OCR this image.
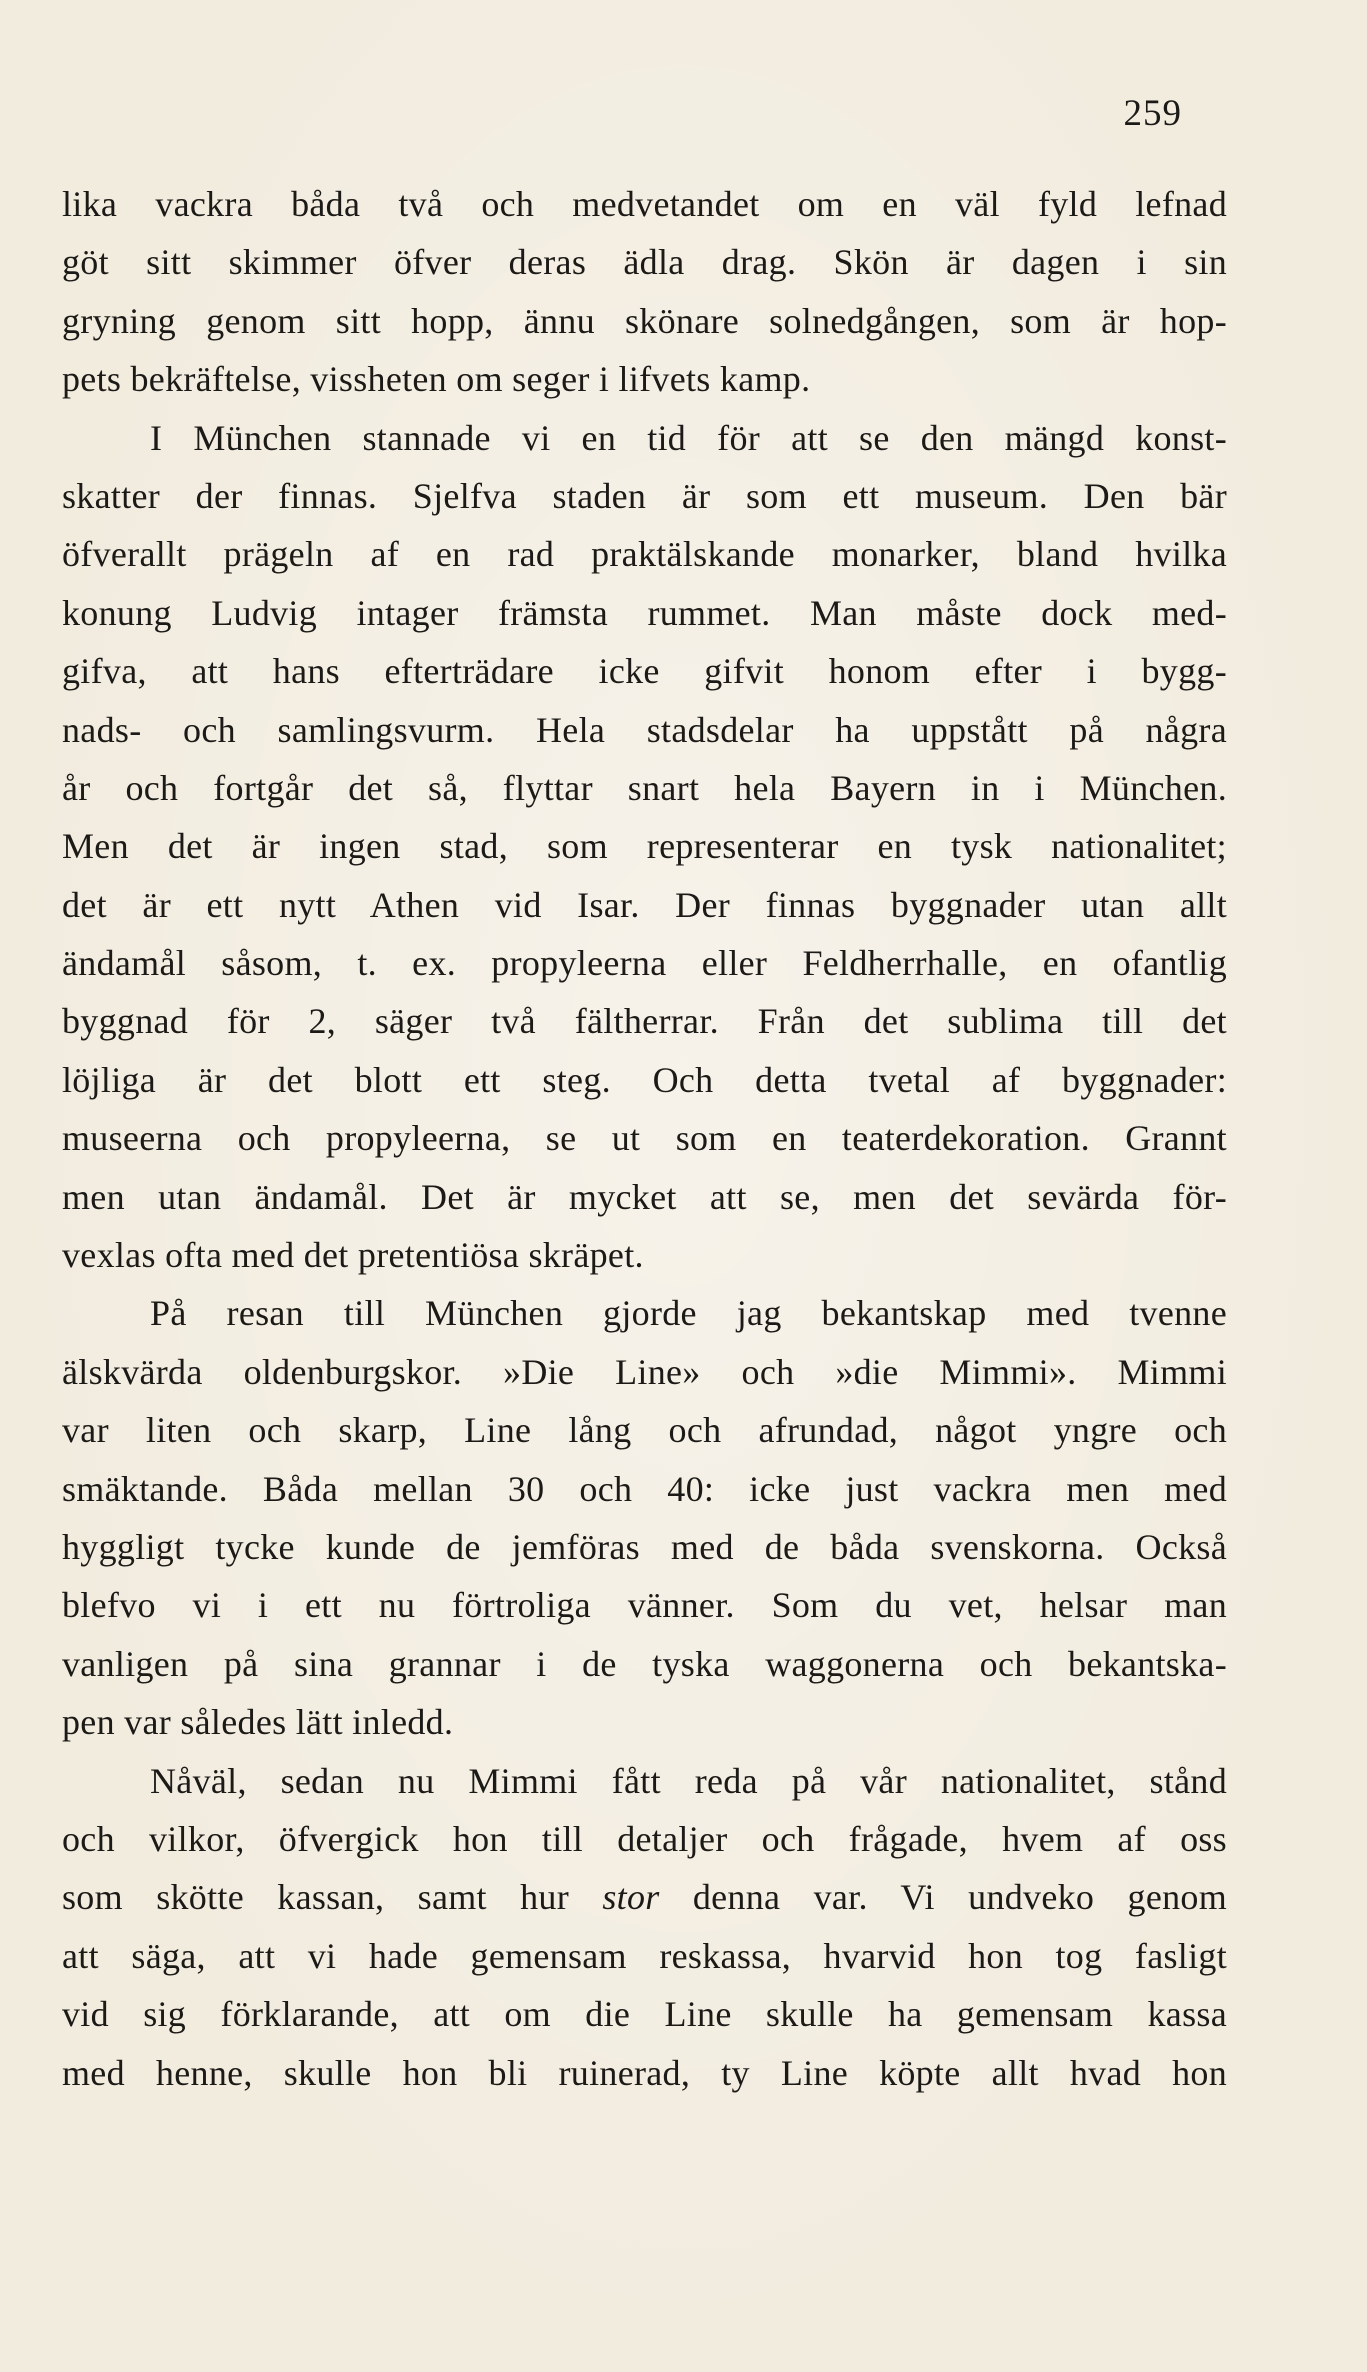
259
lika vackra båda två och medvetandet om en väl fyld lefnad
göt sitt skimmer öfver deras ädla drag. Skön är dagen i sin
gryning genom sitt hopp, ännu skönare solnedgången, som är hop-
pets bekräftelse, vissheten om seger i lifvets kamp.
I München stannade vi en tid för att se den mängd konst-
skatter der finnas. Sjelfva staden är som ett museum. Den bär
öfverallt prägeln af en rad praktälskande monarker, bland hvilka
konung Ludvig intager främsta rummet. Man måste dock med-
gifva, att hans efterträdare icke gifvit honom efter i bygg-
nads- och samlingsvurm. Hela stadsdelar ha uppstått på några
år och fortgår det så, flyttar snart hela Bayern in i München.
Men det är ingen stad, som representerar en tysk nationalitet;
det är ett nytt Athen vid Isar. Der finnas byggnader utan allt
ändamål såsom, t. ex. propyleerna eller Feldherrhalle, en ofantlig
byggnad för 2, säger två fältherrar. Från det sublima till det
löjliga är det blott ett steg. Och detta tvetal af byggnader:
museerna och propyleerna, se ut som en teaterdekoration. Grannt
men utan ändamål. Det är mycket att se, men det sevärda för-
vexlas ofta med det pretentiösa skräpet.
På resan till München gjorde jag bekantskap med tvenne
älskvärda oldenburgskor. »Die Line» och »die Mimmi». Mimmi
var liten och skarp, Line lång och afrundad, något yngre och
smäktande. Båda mellan 30 och 40: icke just vackra men med
hyggligt tycke kunde de jemföras med de båda svenskorna. Också
blefvo vi i ett nu förtroliga vänner. Som du vet, helsar man
vanligen på sina grannar i de tyska waggonerna och bekantska-
pen var således lätt inledd.
Nåväl, sedan nu Mimmi fått reda på vår nationalitet, stånd
och vilkor, öfvergick hon till detaljer och frågade, hvem af oss
som skötte kassan, samt hur stor denna var. Vi undveko genom
att säga, att vi hade gemensam reskassa, hvarvid hon tog fasligt
vid sig förklarande, att om die Line skulle ha gemensam kassa
med henne, skulle hon bli ruinerad, ty Line köpte allt hvad hon
